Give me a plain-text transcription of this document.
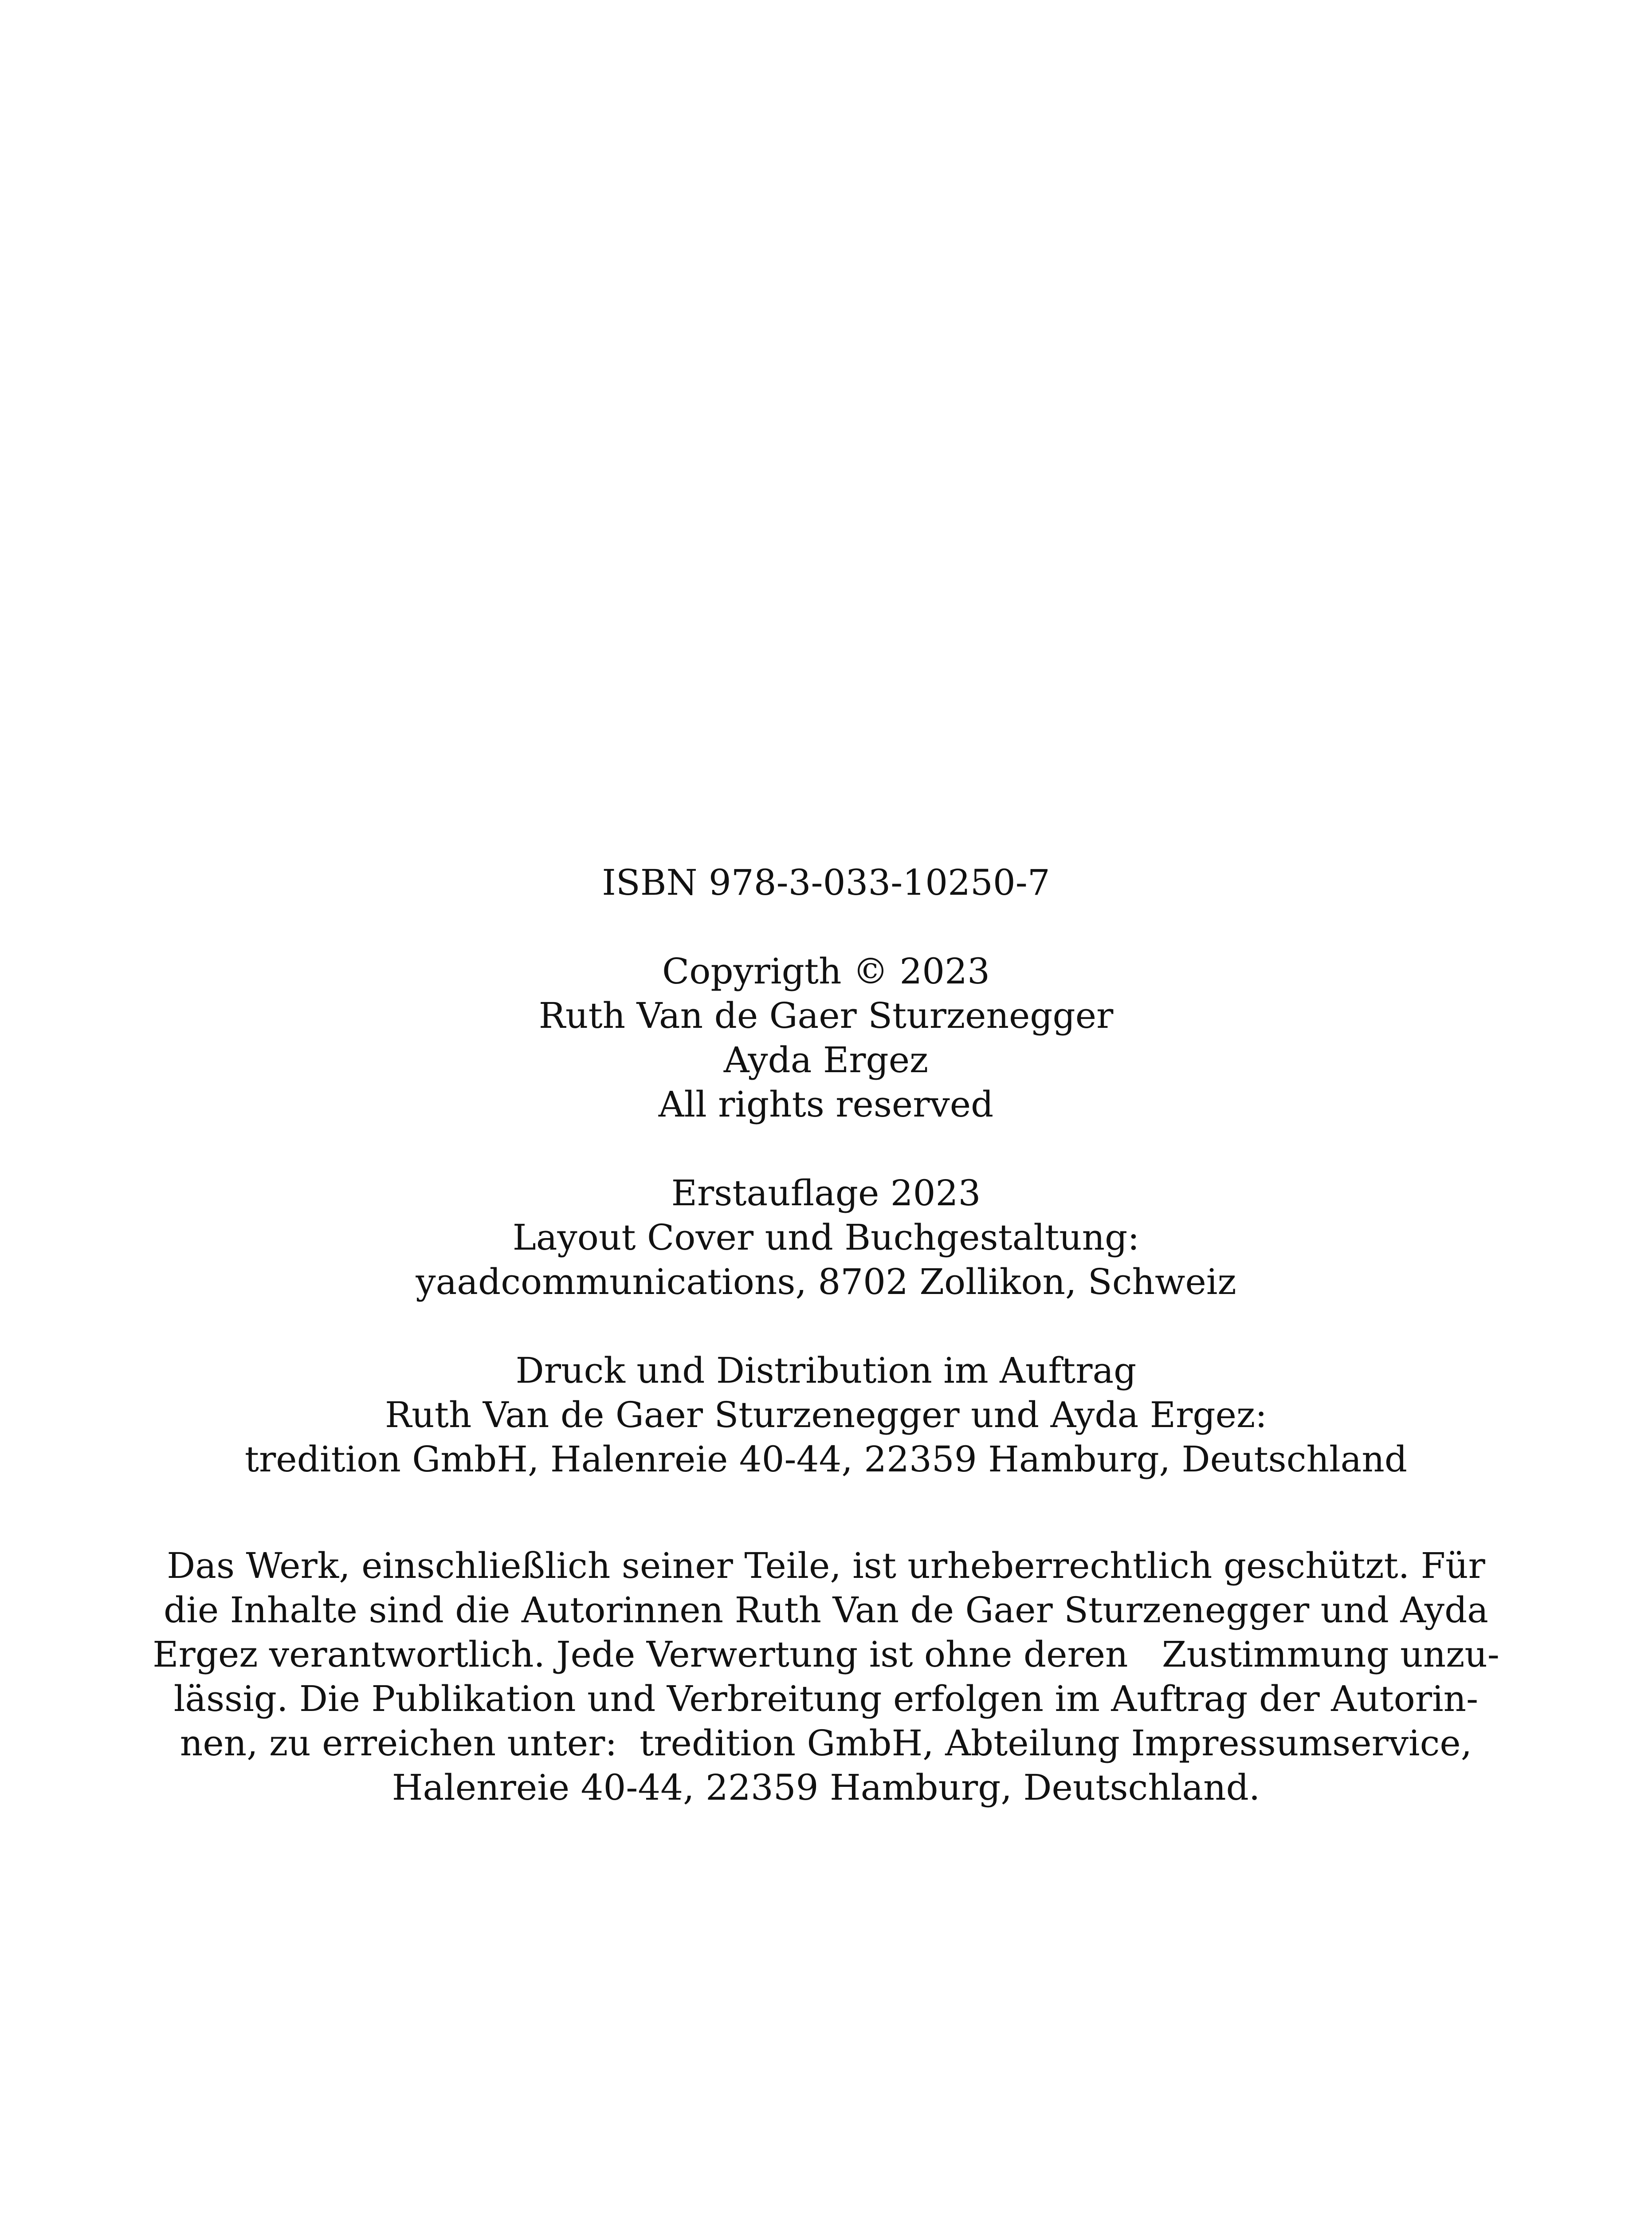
ISBN 978-3-033-10250-7
Copyrigth © 2023
Ruth Van de Gaer Sturzenegger
Ayda Ergez
All rights reserved
Erstauflage 2023
Layout Cover und Buchgestaltung:
yaadcommunications, 8702 Zollikon, Schweiz
Druck und Distribution im Auftrag
Ruth Van de Gaer Sturzenegger und Ayda Ergez:
tredition GmbH, Halenreie 40-44, 22359 Hamburg, Deutschland
Das Werk, einschließlich seiner Teile, ist urheberrechtlich geschützt. Für
die Inhalte sind die Autorinnen Ruth Van de Gaer Sturzenegger und Ayda
Ergez verantwortlich. Jede Verwertung ist ohne deren   Zustimmung unzu-
lässig. Die Publikation und Verbreitung erfolgen im Auftrag der Autorin-
nen, zu erreichen unter:  tredition GmbH, Abteilung Impressumservice,
Halenreie 40-44, 22359 Hamburg, Deutschland.
